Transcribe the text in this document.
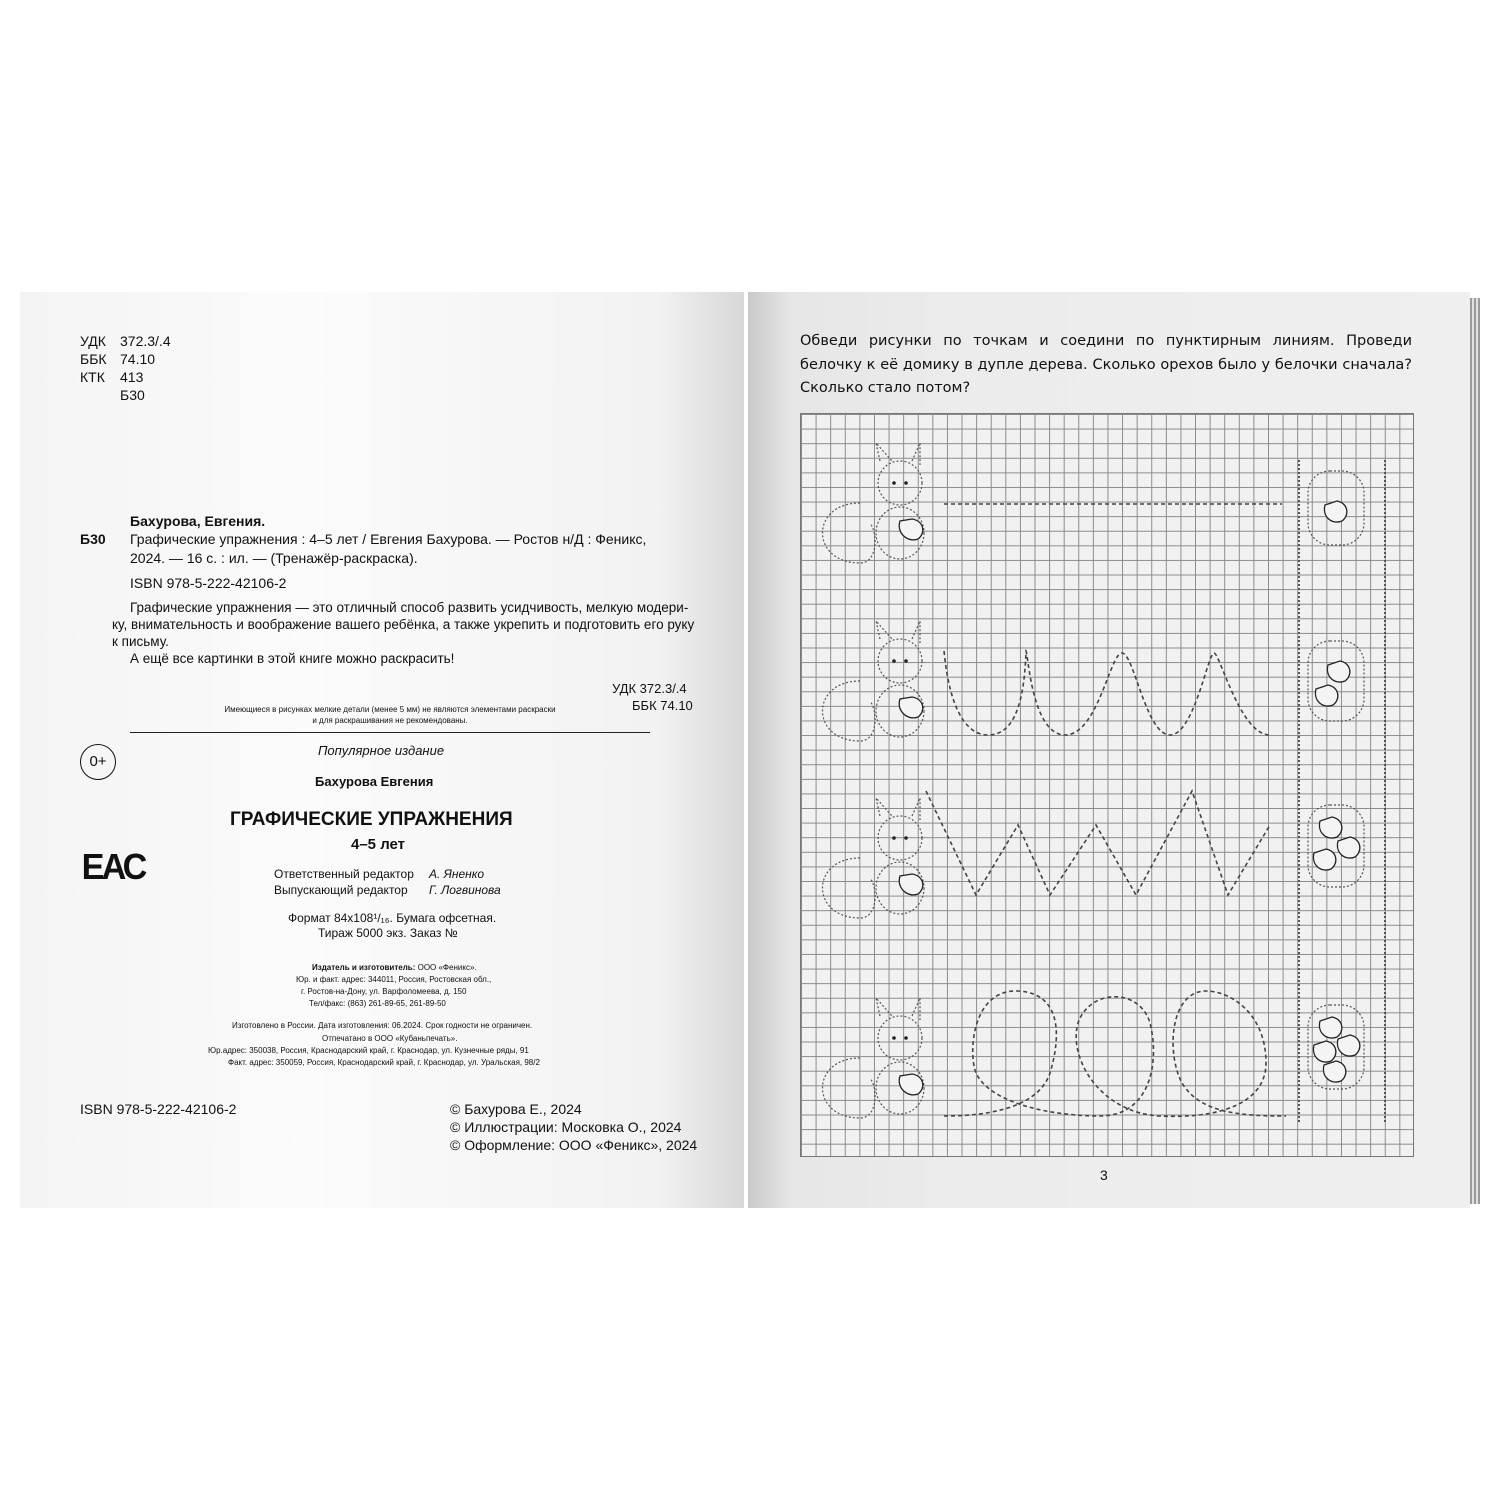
УДК 372.3/.4
ББК 74.10
КТК 413
Б30
Бахурова, Евгения.
Б30 Графические упражнения : 4–5 лет / Евгения Бахурова. — Ростов н/Д : Феникс,
2024. — 16 с. : ил. — (Тренажёр-раскраска).
ISBN 978-5-222-42106-2
Графические упражнения — это отличный способ развить усидчивость, мелкую модери-
ку, внимательность и воображение вашего ребёнка, а также укрепить и подготовить его руку
к письму.
А ещё все картинки в этой книге можно раскрасить!
УДК 372.3/.4
ББК 74.10
Имеющиеся в рисунках мелкие детали (менее 5 мм) не являются элементами раскраски
и для раскрашивания не рекомендованы.
0+
Популярное издание
Бахурова Евгения
ГРАФИЧЕСКИЕ УПРАЖНЕНИЯ
4–5 лет
ЕАС	Ответственный редактор А. Яненко
Выпускающий редактор Г. Логвинова
Формат 84x108¹/₁₆. Бумага офсетная.
Тираж 5000 экз. Заказ №
Издатель и изготовитель: ООО «Феникс».
Юр. и факт. адрес: 344011, Россия, Ростовская обл.,
г. Ростов-на-Дону, ул. Варфоломеева, д. 150
Тел/факс: (863) 261-89-65, 261-89-50
Изготовлено в России. Дата изготовления: 06.2024. Срок годности не ограничен.
Отпечатано в ООО «Кубаньпечать».
Юр.адрес: 350038, Россия, Краснодарский край, г. Краснодар, ул. Кузнечные ряды, 91
Факт. адрес: 350059, Россия, Краснодарский край, г. Краснодар, ул. Уральская, 98/2
ISBN 978-5-222-42106-2	© Бахурова Е., 2024
© Иллюстрации: Московка О., 2024
© Оформление: ООО «Феникс», 2024
Обведи рисунки по точкам и соедини по пунктирным линиям. Проведи белочку к её домику в дупле дерева. Сколько орехов было у белочки сначала? Сколько стало потом?
3
